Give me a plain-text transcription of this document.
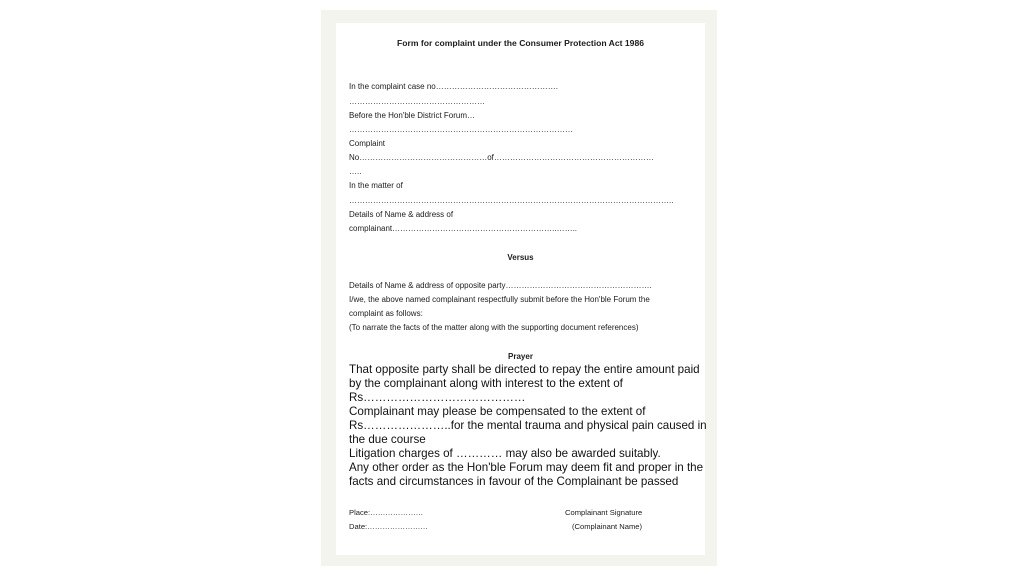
Form for complaint under the Consumer Protection Act 1986
In the complaint case no……………………………………….
……………………………………………
Before the Hon'ble District Forum…
…………………………………………………………………………
Complaint
No…………………………………………of……………………………………………………
…..
In the matter of
…………………………………………………………………………………………………………..
Details of Name & address of
complainant……………………………………………………..……..
Versus
Details of Name & address of opposite party……………………………………………….
I/we, the above named complainant respectfully submit before the Hon'ble Forum the
complaint as follows:
(To narrate the facts of the matter along with the supporting document references)
Prayer
That opposite party shall be directed to repay the entire amount paid
by the complainant along with interest to the extent of
Rs……………………………………
Complainant may please be compensated to the extent of
Rs…………………..for the mental trauma and physical pain caused in
the due course
Litigation charges of ………… may also be awarded suitably.
Any other order as the Hon'ble Forum may deem fit and proper in the
facts and circumstances in favour of the Complainant be passed
Place:…………………
Date:……………………
Complainant Signature
(Complainant Name)
